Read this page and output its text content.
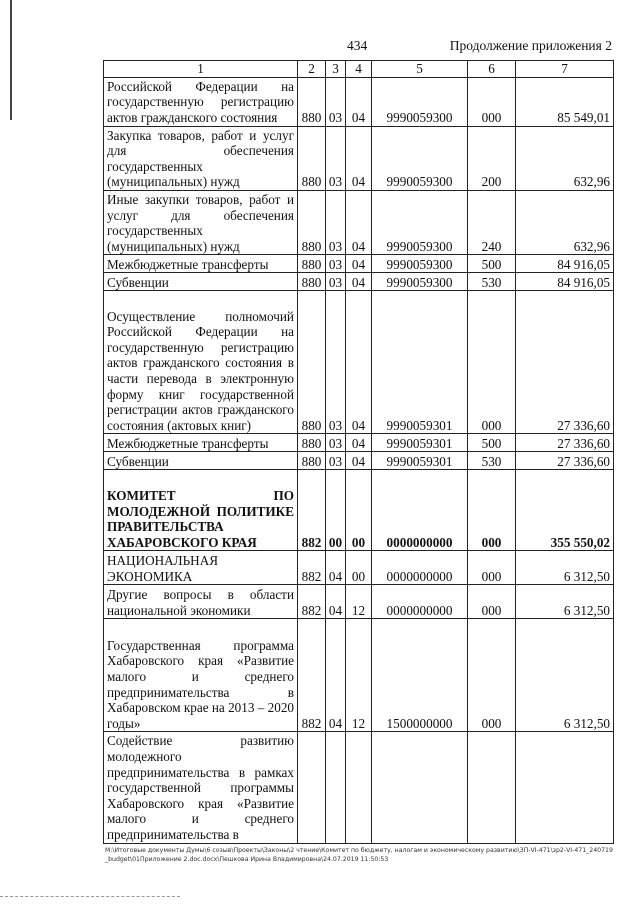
434	Продолжение приложения 2
1	2	3	4	5	6	7
Российской Федерации на государственную регистрацию актов гражданского состояния	880	03	04	9990059300	000	85 549,01
Закупка товаров, работ и услуг для обеспечения государственных (муниципальных) нужд	880	03	04	9990059300	200	632,96
Иные закупки товаров, работ и услуг для обеспечения государственных (муниципальных) нужд	880	03	04	9990059300	240	632,96
Межбюджетные трансферты	880	03	04	9990059300	500	84 916,05
Субвенции	880	03	04	9990059300	530	84 916,05
Осуществление полномочий Российской Федерации на государственную регистрацию актов гражданского состояния в части перевода в электронную форму книг государственной регистрации актов гражданского состояния (актовых книг)	880	03	04	9990059301	000	27 336,60
Межбюджетные трансферты	880	03	04	9990059301	500	27 336,60
Субвенции	880	03	04	9990059301	530	27 336,60
КОМИТЕТ ПО МОЛОДЕЖНОЙ ПОЛИТИКЕ ПРАВИТЕЛЬСТВА ХАБАРОВСКОГО КРАЯ	882	00	00	0000000000	000	355 550,02
НАЦИОНАЛЬНАЯ ЭКОНОМИКА	882	04	00	0000000000	000	6 312,50
Другие вопросы в области национальной экономики	882	04	12	0000000000	000	6 312,50
Государственная программа Хабаровского края «Развитие малого и среднего предпринимательства в Хабаровском крае на 2013 – 2020 годы»	882	04	12	1500000000	000	6 312,50
Содействие развитию молодежного предпринимательства в рамках государственной программы Хабаровского края «Развитие малого и среднего предпринимательства в						
М:\Итоговые документы Думы\6 созыв\Проекты\Законы\2 чтение\Комитет по бюджету, налогам и экономическому развитию\ЗП-VI-471\зр2-VI-471_240719_budget\01Приложение 2.doc.docx\Пешкова Ирина Владимировна\24.07.2019 11:50:53
